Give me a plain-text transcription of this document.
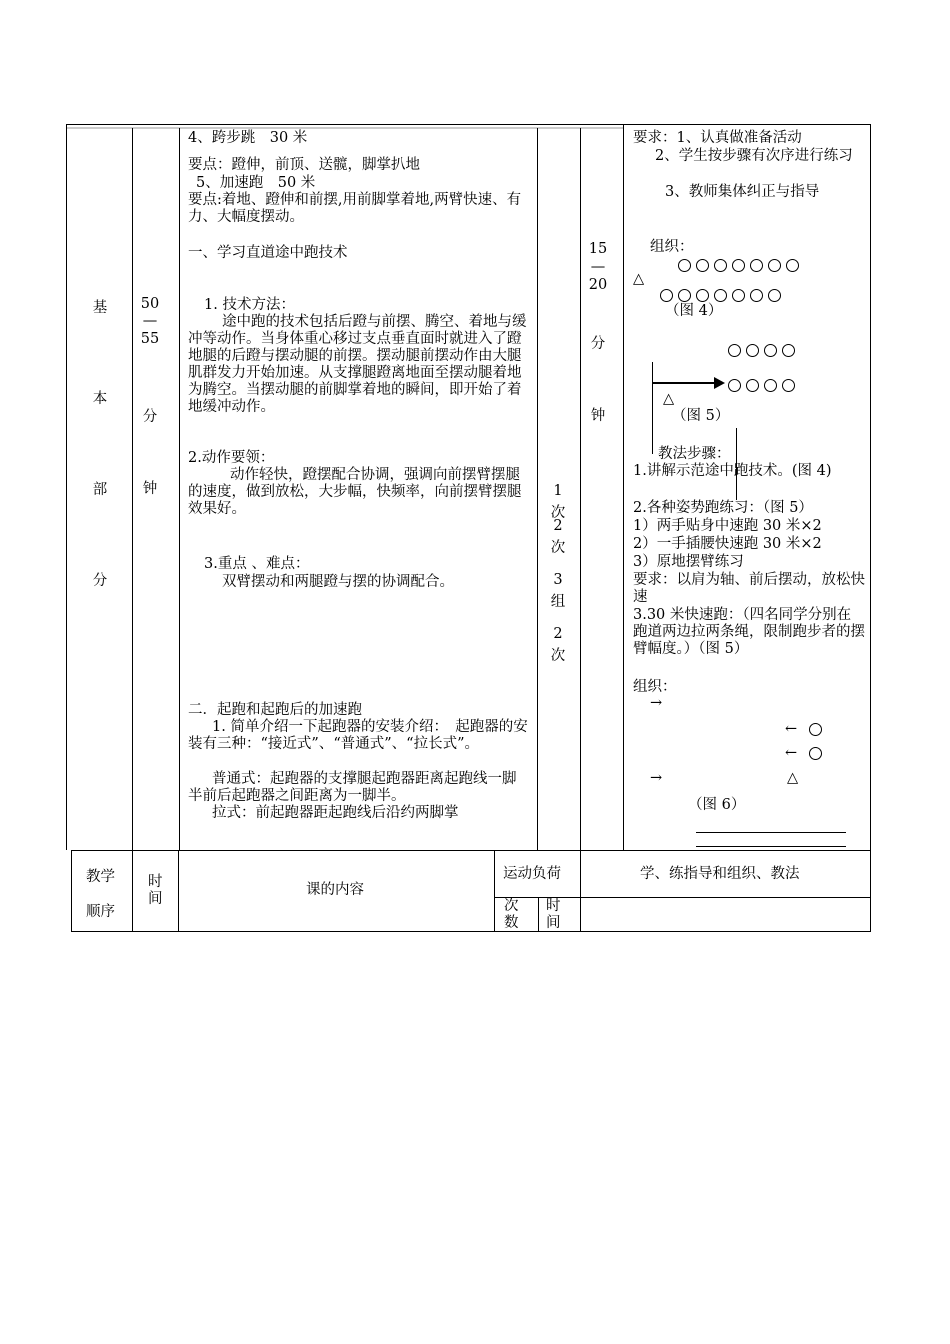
基
本
部
分
50
—
55
分
钟
4、跨步跳　30 米
要点：蹬伸，前顶、送髋，脚掌扒地
5、加速跑　50 米
要点:着地、蹬伸和前摆,用前脚掌着地,两臂快速、有力、大幅度摆动。
一、学习直道途中跑技术
1. 技术方法：
途中跑的技术包括后蹬与前摆、腾空、着地与缓冲等动作。当身体重心移过支点垂直面时就进入了蹬地腿的后蹬与摆动腿的前摆。摆动腿前摆动作由大腿肌群发力开始加速。从支撑腿蹬离地面至摆动腿着地为腾空。当摆动腿的前脚掌着地的瞬间，即开始了着地缓冲动作。
2.动作要领：
动作轻快，蹬摆配合协调，强调向前摆臂摆腿的速度，做到放松，大步幅，快频率，向前摆臂摆腿效果好。
3.重点 、难点：
双臂摆动和两腿蹬与摆的协调配合。
二．起跑和起跑后的加速跑
1. 简单介绍一下起跑器的安装介绍：　起跑器的安装有三种：“接近式”、“普通式”、“拉长式”。
普通式：起跑器的支撑腿起跑器距离起跑线一脚半前后起跑器之间距离为一脚半。
拉式：前起跑器距起跑线后沿约两脚掌
1
次
2
次
3
组
2
次
15
—
20
分
钟
要求：1、认真做准备活动
2、学生按步骤有次序进行练习
3、教师集体纠正与指导
组织：
△
（图 4）
△
（图 5）
教法步骤：
1.讲解示范途中跑技术。(图 4)
2.各种姿势跑练习：（图 5）
1）两手贴身中速跑 30 米×2
2）一手插腰快速跑 30 米×2
3）原地摆臂练习
要求：以肩为轴、前后摆动，放松快速
3.30 米快速跑：（四名同学分别在跑道两边拉两条绳，限制跑步者的摆臂幅度。）（图 5）
组织：
→
←
←
→	△
（图 6）
教学
顺序
时
间
课的内容
运动负荷
次
数
时
间
学、练指导和组织、教法
